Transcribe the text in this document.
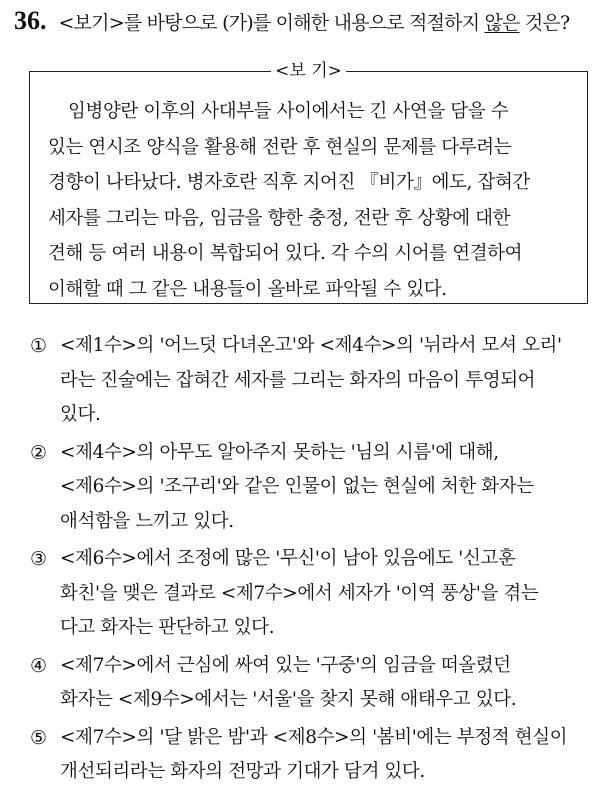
36. <보기>를 바탕으로 (가)를 이해한 내용으로 적절하지 않은 것은?
<보 기>
임병양란 이후의 사대부들 사이에서는 긴 사연을 담을 수
있는 연시조 양식을 활용해 전란 후 현실의 문제를 다루려는
경향이 나타났다. 병자호란 직후 지어진 『비가』에도, 잡혀간
세자를 그리는 마음, 임금을 향한 충정, 전란 후 상황에 대한
견해 등 여러 내용이 복합되어 있다. 각 수의 시어를 연결하여
이해할 때 그 같은 내용들이 올바로 파악될 수 있다.
① <제1수>의 '어느덧 다녀온고'와 <제4수>의 '뉘라서 모셔 오리'
라는 진술에는 잡혀간 세자를 그리는 화자의 마음이 투영되어
있다.
② <제4수>의 아무도 알아주지 못하는 '님의 시름'에 대해,
<제6수>의 '조구리'와 같은 인물이 없는 현실에 처한 화자는
애석함을 느끼고 있다.
③ <제6수>에서 조정에 많은 '무신'이 남아 있음에도 '신고훈
화친'을 맺은 결과로 <제7수>에서 세자가 '이역 풍상'을 겪는
다고 화자는 판단하고 있다.
④ <제7수>에서 근심에 싸여 있는 '구중'의 임금을 떠올렸던
화자는 <제9수>에서는 '서울'을 찾지 못해 애태우고 있다.
⑤ <제7수>의 '달 밝은 밤'과 <제8수>의 '봄비'에는 부정적 현실이
개선되리라는 화자의 전망과 기대가 담겨 있다.
